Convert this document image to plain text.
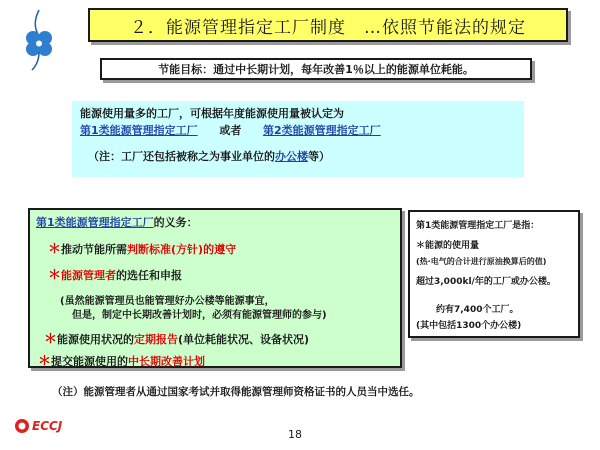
２．能源管理指定工厂制度　…依照节能法的规定
节能目标：通过中长期计划，每年改善1％以上的能源单位耗能。
能源使用量多的工厂，可根据年度能源使用量被认定为
第1类能源管理指定工厂 或者 第2类能源管理指定工厂
（注：工厂还包括被称之为事业单位的办公楼等）
第1类能源管理指定工厂的义务：
＊推动节能所需判断标准(方针)的遵守
＊能源管理者的选任和申报
(虽然能源管理员也能管理好办公楼等能源事宜，
但是，制定中长期改善计划时，必须有能源管理师的参与)
＊能源使用状况的定期报告(单位耗能状况、设备状况)
＊提交能源使用的中长期改善计划
第1类能源管理指定工厂是指：
＊能源的使用量
(热·电气的合计进行原油换算后的值)
超过3,000kl/年的工厂或办公楼。
约有7,400个工厂。
(其中包括1300个办公楼)
（注）能源管理者从通过国家考试并取得能源管理师资格证书的人员当中选任。
ECCJ
18
